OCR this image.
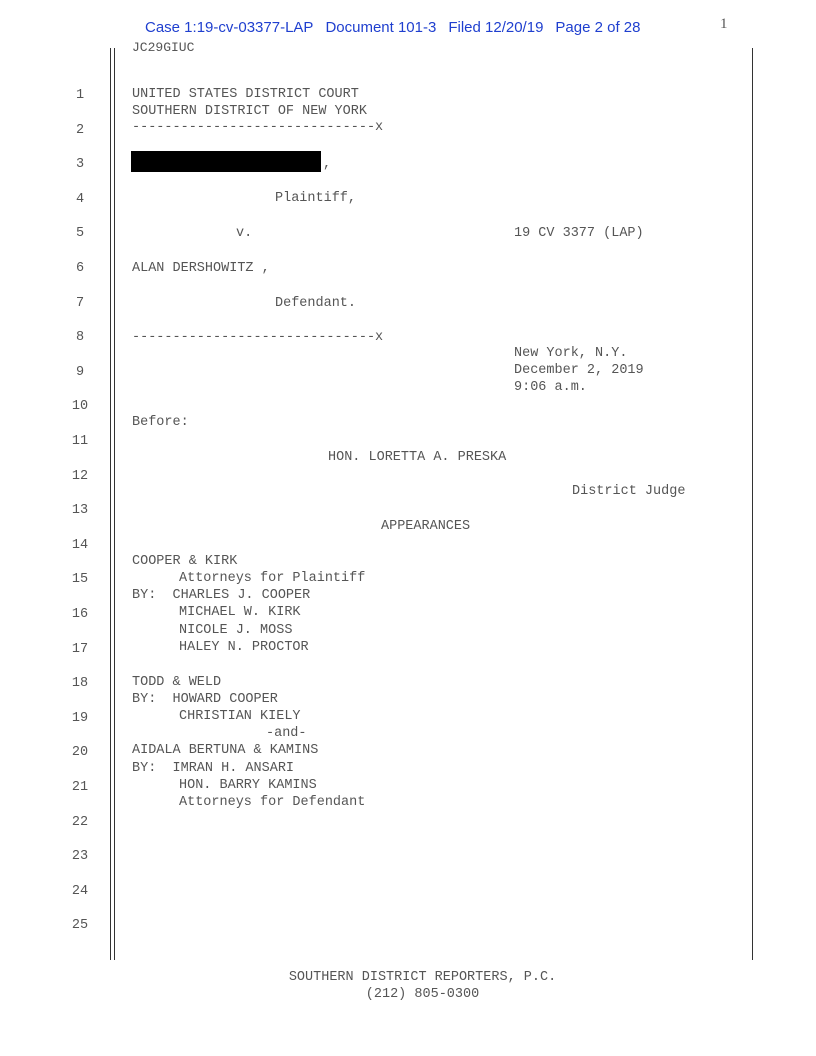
Case 1:19-cv-03377-LAP Document 101-3 Filed 12/20/19 Page 2 of 28	1
JC29GIUC
1
2
3
4
5
6
7
8
9
10
11
12
13
14
15
16
17
18
19
20
21
22
23
24
25
UNITED STATES DISTRICT COURT
SOUTHERN DISTRICT OF NEW YORK
------------------------------x
,
Plaintiff,
v.	19 CV 3377 (LAP)
ALAN DERSHOWITZ ,
Defendant.
------------------------------x
New York, N.Y.
December 2, 2019
9:06 a.m.
Before:
HON. LORETTA A. PRESKA
District Judge
APPEARANCES
COOPER & KIRK
Attorneys for Plaintiff
BY:  CHARLES J. COOPER
MICHAEL W. KIRK
NICOLE J. MOSS
HALEY N. PROCTOR
TODD & WELD
BY:  HOWARD COOPER
CHRISTIAN KIELY
-and-
AIDALA BERTUNA & KAMINS
BY:  IMRAN H. ANSARI
HON. BARRY KAMINS
Attorneys for Defendant
SOUTHERN DISTRICT REPORTERS, P.C.
(212) 805-0300
